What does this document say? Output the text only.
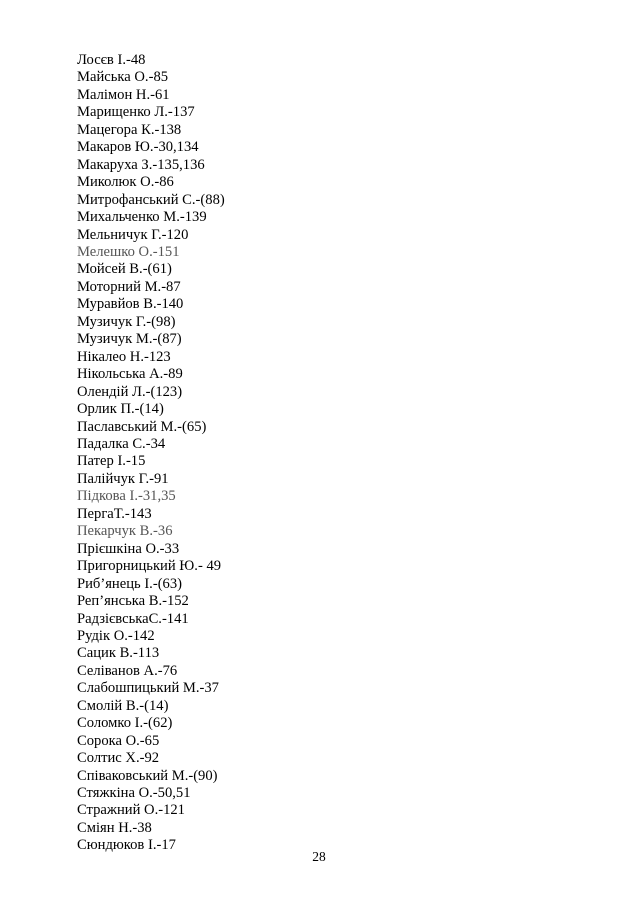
Лосєв І.-48
Майська О.-85
Малімон Н.-61
Марищенко Л.-137
Мацегора К.-138
Макаров Ю.-30,134
Макаруха З.-135,136
Миколюк О.-86
Митрофанський С.-(88)
Михальченко М.-139
Мельничук Г.-120
Мелешко О.-151
Мойсей В.-(61)
Моторний М.-87
Муравйов В.-140
Музичук Г.-(98)
Музичук М.-(87)
Нікалео Н.-123
Нікольська А.-89
Олендій Л.-(123)
Орлик П.-(14)
Паславський М.-(65)
Падалка С.-34
Патер І.-15
Палійчук Г.-91
Підкова І.-31,35
ПергаТ.-143
Пекарчук В.-36
Прієшкіна О.-33
Пригорницький Ю.- 49
Риб’янець І.-(63)
Реп’янська В.-152
РадзієвськаС.-141
Рудік О.-142
Сацик В.-113
Селіванов А.-76
Слабошпицький М.-37
Смолій В.-(14)
Соломко І.-(62)
Сорока О.-65
Солтис Х.-92
Співаковський М.-(90)
Стяжкіна О.-50,51
Стражний О.-121
Сміян Н.-38
Сюндюков І.-17
28
